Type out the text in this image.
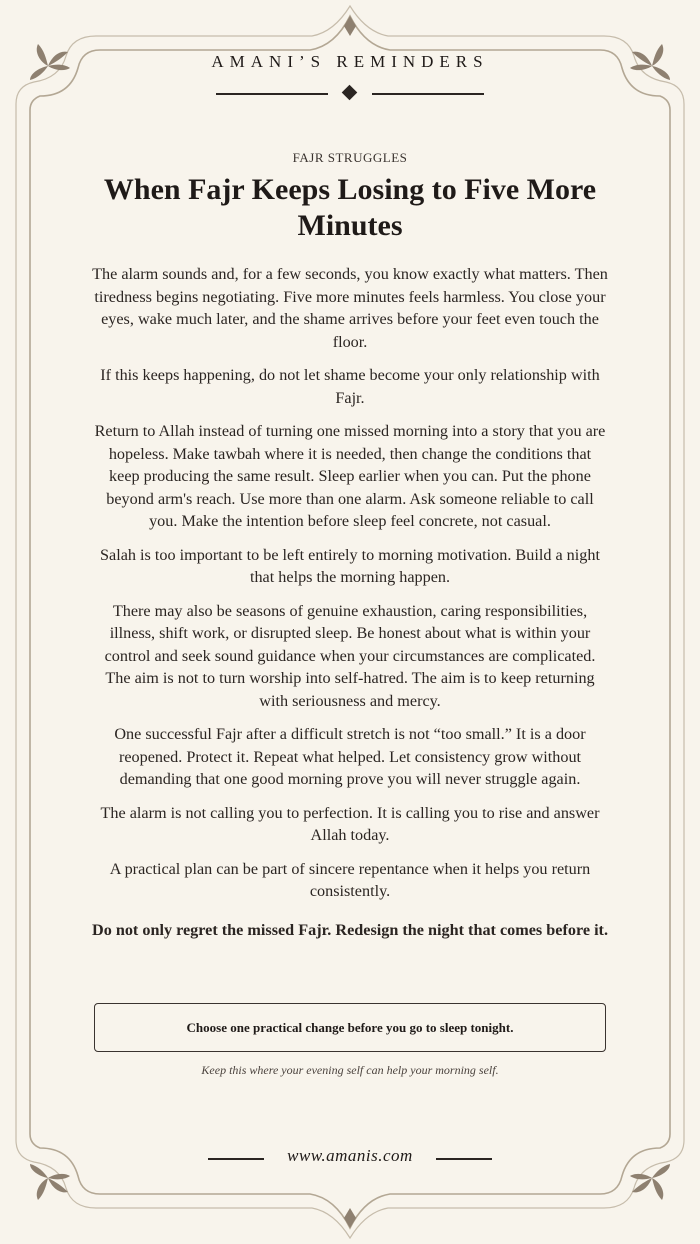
AMANI’S REMINDERS
FAJR STRUGGLES
When Fajr Keeps Losing to Five More Minutes

The alarm sounds and, for a few seconds, you know exactly what matters. Then tiredness begins negotiating. Five more minutes feels harmless. You close your eyes, wake much later, and the shame arrives before your feet even touch the floor.

If this keeps happening, do not let shame become your only relationship with Fajr.

Return to Allah instead of turning one missed morning into a story that you are hopeless. Make tawbah where it is needed, then change the conditions that keep producing the same result. Sleep earlier when you can. Put the phone beyond arm's reach. Use more than one alarm. Ask someone reliable to call you. Make the intention before sleep feel concrete, not casual.

Salah is too important to be left entirely to morning motivation. Build a night that helps the morning happen.

There may also be seasons of genuine exhaustion, caring responsibilities, illness, shift work, or disrupted sleep. Be honest about what is within your control and seek sound guidance when your circumstances are complicated. The aim is not to turn worship into self-hatred. The aim is to keep returning with seriousness and mercy.

One successful Fajr after a difficult stretch is not “too small.” It is a door reopened. Protect it. Repeat what helped. Let consistency grow without demanding that one good morning prove you will never struggle again.

The alarm is not calling you to perfection. It is calling you to rise and answer Allah today.

A practical plan can be part of sincere repentance when it helps you return consistently.

Do not only regret the missed Fajr. Redesign the night that comes before it.

Choose one practical change before you go to sleep tonight.
Keep this where your evening self can help your morning self.
www.amanis.com
